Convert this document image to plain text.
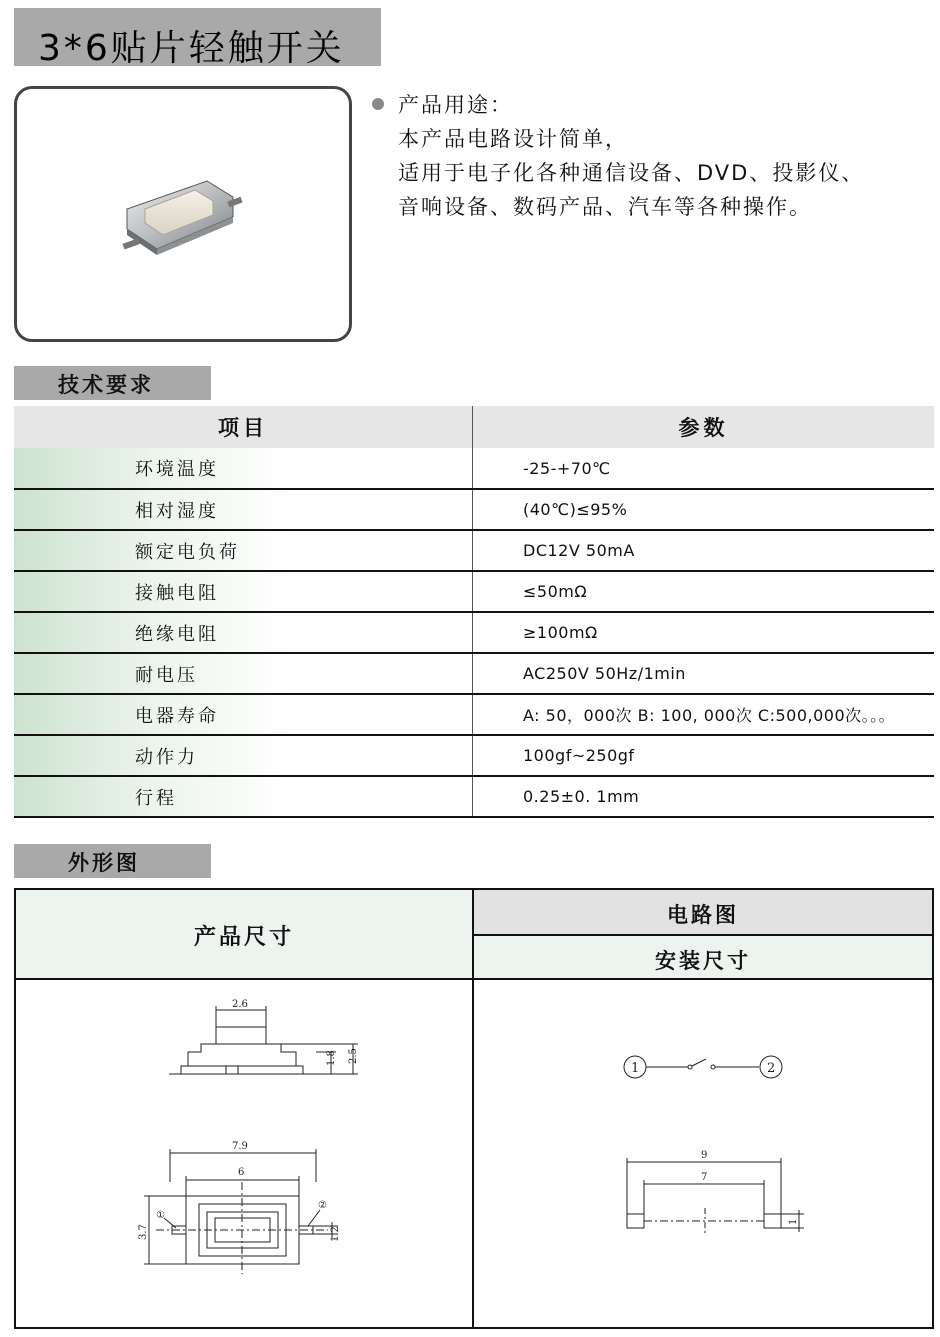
3*6贴片轻触开关
产品用途：
本产品电路设计简单，
适用于电子化各种通信设备、DVD、投影仪、
音响设备、数码产品、汽车等各种操作。
技术要求
项目	参数
环境温度	-25-+70℃
相对湿度	(40℃)≤95%
额定电负荷	DC12V 50mA
接触电阻	≤50mΩ
绝缘电阻	≥100mΩ
耐电压	AC250V 50Hz/1min
电器寿命	A: 50，000次 B: 100, 000次 C:500,000次。。。
动作力	100gf~250gf
行程	0.25±0. 1mm
外形图
产品尺寸
电路图
安装尺寸
2.6
1.8 2.5
7.9
6
3.7	1.2
①
②
1	2
9
7
1
